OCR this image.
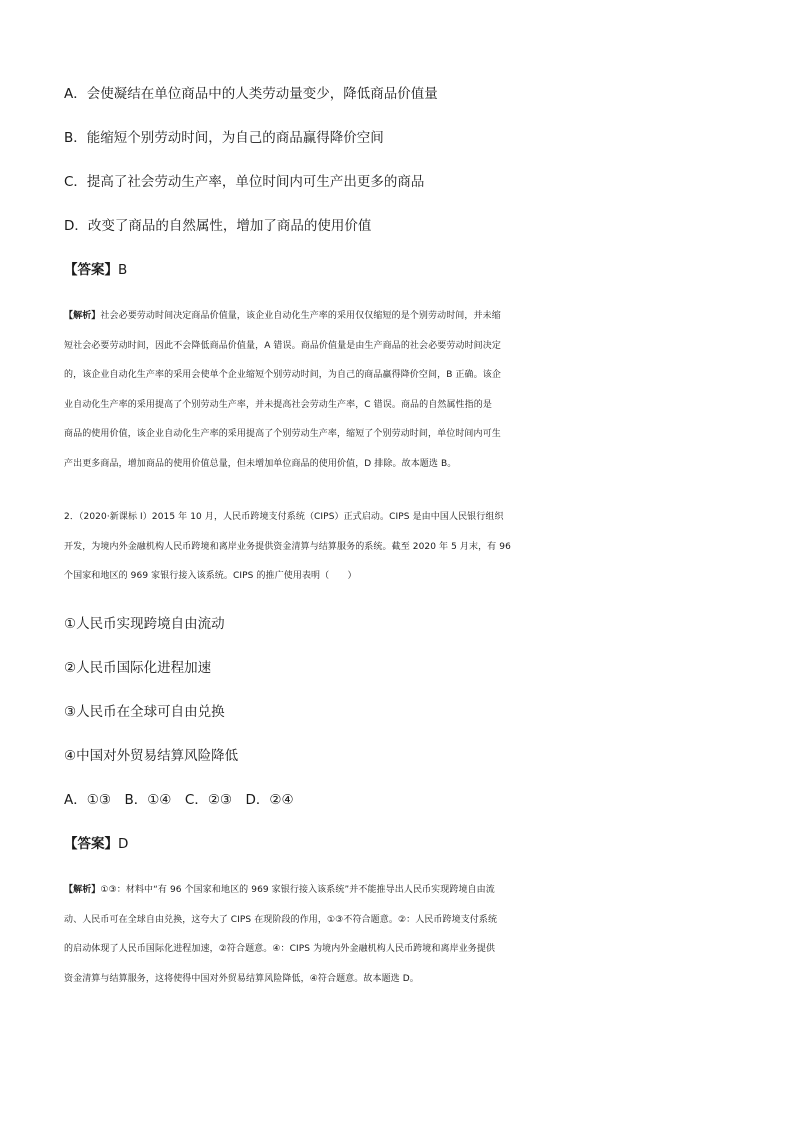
A．会使凝结在单位商品中的人类劳动量变少，降低商品价值量
B．能缩短个别劳动时间，为自己的商品赢得降价空间
C．提高了社会劳动生产率，单位时间内可生产出更多的商品
D．改变了商品的自然属性，增加了商品的使用价值
【答案】B
【解析】社会必要劳动时间决定商品价值量，该企业自动化生产率的采用仅仅缩短的是个别劳动时间，并未缩
短社会必要劳动时间，因此不会降低商品价值量，A 错误。商品价值量是由生产商品的社会必要劳动时间决定
的，该企业自动化生产率的采用会使单个企业缩短个别劳动时间，为自己的商品赢得降价空间，B 正确。该企
业自动化生产率的采用提高了个别劳动生产率，并未提高社会劳动生产率，C 错误。商品的自然属性指的是
商品的使用价值，该企业自动化生产率的采用提高了个别劳动生产率，缩短了个别劳动时间，单位时间内可生
产出更多商品，增加商品的使用价值总量，但未增加单位商品的使用价值，D 排除。故本题选 B。
2．（2020·新课标 I）2015 年 10 月，人民币跨境支付系统（CIPS）正式启动。CIPS 是由中国人民银行组织
开发，为境内外金融机构人民币跨境和离岸业务提供资金清算与结算服务的系统。截至 2020 年 5 月末，有 96
个国家和地区的 969 家银行接入该系统。CIPS 的推广使用表明（　　）
①人民币实现跨境自由流动
②人民币国际化进程加速
③人民币在全球可自由兑换
④中国对外贸易结算风险降低
A．①③　B．①④　C．②③　D．②④
【答案】D
【解析】①③：材料中“有 96 个国家和地区的 969 家银行接入该系统”并不能推导出人民币实现跨境自由流
动、人民币可在全球自由兑换，这夸大了 CIPS 在现阶段的作用，①③不符合题意。②：人民币跨境支付系统
的启动体现了人民币国际化进程加速，②符合题意。④：CIPS 为境内外金融机构人民币跨境和离岸业务提供
资金清算与结算服务，这将使得中国对外贸易结算风险降低，④符合题意。故本题选 D。
